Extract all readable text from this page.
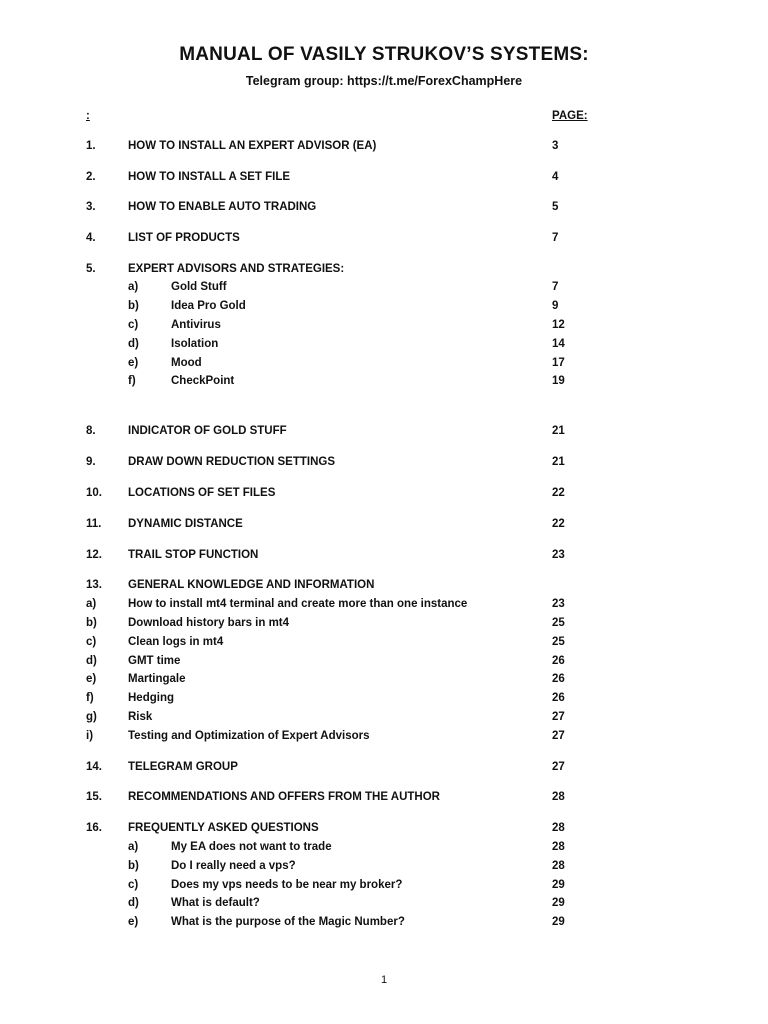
MANUAL OF VASILY STRUKOV’S SYSTEMS:
Telegram group: https://t.me/ForexChampHere
:	PAGE:
1.	HOW TO INSTALL AN EXPERT ADVISOR (EA)	3
2.	HOW TO INSTALL A SET FILE	4
3.	HOW TO ENABLE AUTO TRADING	5
4.	LIST OF PRODUCTS	7
5.	EXPERT ADVISORS AND STRATEGIES:
a)	Gold Stuff	7
b)	Idea Pro Gold	9
c)	Antivirus	12
d)	Isolation	14
e)	Mood	17
f)	CheckPoint	19
8.	INDICATOR OF GOLD STUFF	21
9.	DRAW DOWN REDUCTION SETTINGS	21
10. LOCATIONS OF SET FILES	22
11. DYNAMIC DISTANCE	22
12. TRAIL STOP FUNCTION	23
13. GENERAL KNOWLEDGE AND INFORMATION
a)	How to install mt4 terminal and create more than one instance	23
b)	Download history bars in mt4	25
c)	Clean logs in mt4	25
d)	GMT time	26
e)	Martingale	26
f)	Hedging	26
g)	Risk	27
i)	Testing and Optimization of Expert Advisors	27
14. TELEGRAM GROUP	27
15. RECOMMENDATIONS AND OFFERS FROM THE AUTHOR	28
16. FREQUENTLY ASKED QUESTIONS	28
a)	My EA does not want to trade	28
b)	Do I really need a vps?	28
c)	Does my vps needs to be near my broker?	29
d)	What is default?	29
e)	What is the purpose of the Magic Number?	29
1
